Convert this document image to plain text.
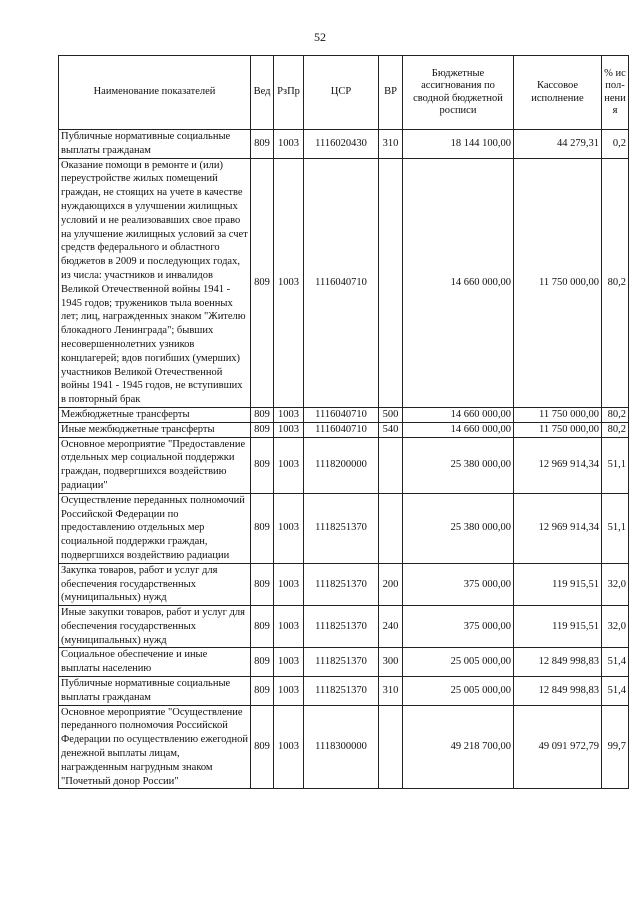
52
Наименование показателей	Вед	РзПр	ЦСР	ВР	Бюджетные ассигнования по сводной бюджетной росписи	Кассовое исполнение	% испол-нения
Публичные нормативные социальные выплаты гражданам	809	1003	1116020430	310	18 144 100,00	44 279,31	0,2
Оказание помощи в ремонте и (или) переустройстве жилых помещений граждан, не стоящих на учете в качестве нуждающихся в улучшении жилищных условий и не реализовавших свое право на улучшение жилищных условий за счет средств федерального и областного бюджетов в 2009 и последующих годах, из числа: участников и инвалидов Великой Отечественной войны 1941 - 1945 годов; тружеников тыла военных лет; лиц, награжденных знаком "Жителю блокадного Ленинграда"; бывших несовершеннолетних узников концлагерей; вдов погибших (умерших) участников Великой Отечественной войны 1941 - 1945 годов, не вступивших в повторный брак	809	1003	1116040710		14 660 000,00	11 750 000,00	80,2
Межбюджетные трансферты	809	1003	1116040710	500	14 660 000,00	11 750 000,00	80,2
Иные межбюджетные трансферты	809	1003	1116040710	540	14 660 000,00	11 750 000,00	80,2
Основное мероприятие "Предоставление отдельных мер социальной поддержки граждан, подвергшихся воздействию радиации"	809	1003	1118200000		25 380 000,00	12 969 914,34	51,1
Осуществление переданных полномочий Российской Федерации по предоставлению отдельных мер социальной поддержки граждан, подвергшихся воздействию радиации	809	1003	1118251370		25 380 000,00	12 969 914,34	51,1
Закупка товаров, работ и услуг для обеспечения государственных (муниципальных) нужд	809	1003	1118251370	200	375 000,00	119 915,51	32,0
Иные закупки товаров, работ и услуг для обеспечения государственных (муниципальных) нужд	809	1003	1118251370	240	375 000,00	119 915,51	32,0
Социальное обеспечение и иные выплаты населению	809	1003	1118251370	300	25 005 000,00	12 849 998,83	51,4
Публичные нормативные социальные выплаты гражданам	809	1003	1118251370	310	25 005 000,00	12 849 998,83	51,4
Основное мероприятие "Осуществление переданного полномочия Российской Федерации по осуществлению ежегодной денежной выплаты лицам, награжденным нагрудным знаком "Почетный донор России"	809	1003	1118300000		49 218 700,00	49 091 972,79	99,7
